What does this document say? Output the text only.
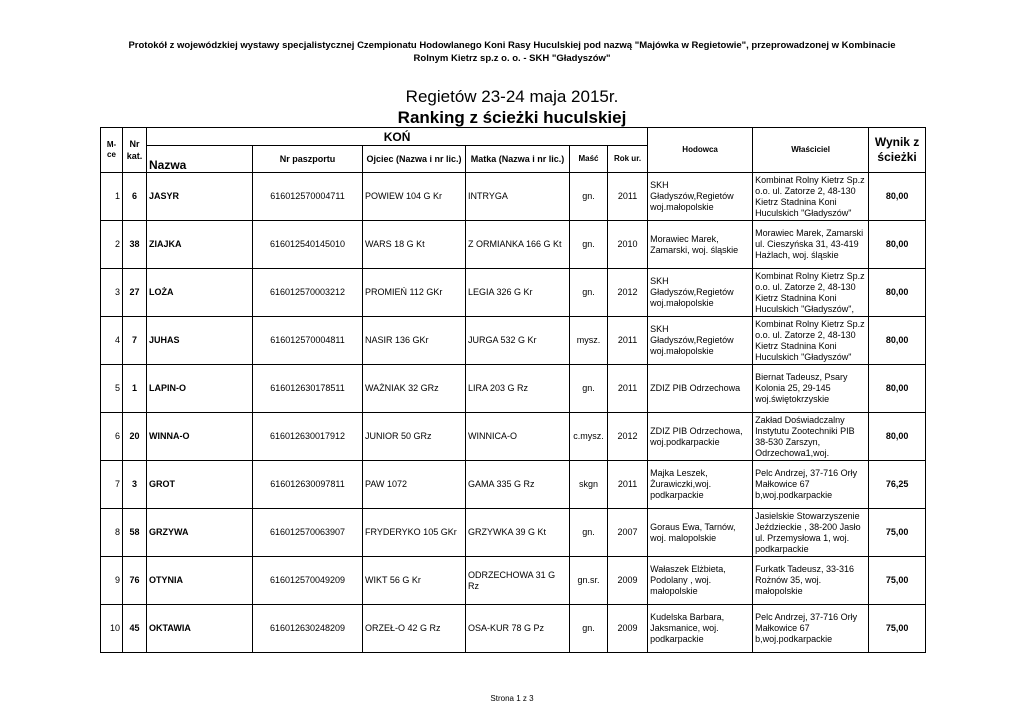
Protokół z wojewódzkiej wystawy specjalistycznej Czempionatu Hodowlanego Koni Rasy Huculskiej pod nazwą "Majówka w Regietowie", przeprowadzonej w Kombinacie
Rolnym Kietrz sp.z o. o. - SKH "Gładyszów"
Regietów 23-24 maja 2015r.
Ranking z ścieżki huculskiej
M-ce	Nr kat.	KOŃ						Hodowca	Właściciel	Wynik z ścieżki
		Nazwa	Nr paszportu	Ojciec (Nazwa i nr lic.)	Matka (Nazwa i nr lic.)	Maść	Rok ur.			
1	6	JASYR	616012570004711	POWIEW 104 G Kr	INTRYGA	gn.	2011	SKH Gładyszów,Regietów woj.małopolskie	Kombinat Rolny Kietrz Sp.z o.o. ul. Zatorze 2, 48-130 Kietrz Stadnina Koni Huculskich "Gładyszów"	80,00
2	38	ZIAJKA	616012540145010	WARS 18 G Kt	Z ORMIANKA 166 G Kt	gn.	2010	Morawiec Marek, Zamarski, woj. śląskie	Morawiec Marek, Zamarski ul. Cieszyńska 31, 43-419 Hażlach, woj. śląskie	80,00
3	27	LOŻA	616012570003212	PROMIEŃ 112 GKr	LEGIA 326 G Kr	gn.	2012	SKH Gładyszów,Regietów woj.małopolskie	Kombinat Rolny Kietrz Sp.z o.o. ul. Zatorze 2, 48-130 Kietrz Stadnina Koni Huculskich "Gładyszów",	80,00
4	7	JUHAS	616012570004811	NASIR 136 GKr	JURGA 532 G Kr	mysz.	2011	SKH Gładyszów,Regietów woj.małopolskie	Kombinat Rolny Kietrz Sp.z o.o. ul. Zatorze 2, 48-130 Kietrz Stadnina Koni Huculskich "Gładyszów"	80,00
5	1	LAPIN-O	616012630178511	WAŻNIAK 32 GRz	LIRA 203 G Rz	gn.	2011	ZDIZ PIB Odrzechowa	Biernat Tadeusz, Psary Kolonia 25, 29-145 woj.świętokrzyskie	80,00
6	20	WINNA-O	616012630017912	JUNIOR 50 GRz	WINNICA-O	c.mysz.	2012	ZDIZ PIB Odrzechowa, woj.podkarpackie	Zakład Doświadczalny Instytutu Zootechniki PIB 38-530 Zarszyn, Odrzechowa1,woj.	80,00
7	3	GROT	616012630097811	PAW 1072	GAMA 335 G Rz	skgn	2011	Majka Leszek, Żurawiczki,woj. podkarpackie	Pelc Andrzej, 37-716 Orły Małkowice 67 b,woj.podkarpackie	76,25
8	58	GRZYWA	616012570063907	FRYDERYKO 105 GKr	GRZYWKA 39 G Kt	gn.	2007	Goraus Ewa, Tarnów, woj. malopolskie	Jasielskie Stowarzyszenie Jeździeckie , 38-200 Jasło ul. Przemysłowa 1, woj. podkarpackie	75,00
9	76	OTYNIA	616012570049209	WIKT 56 G Kr	ODRZECHOWA 31 G Rz	gn.sr.	2009	Wałaszek Elżbieta, Podolany , woj. małopolskie	Furkatk Tadeusz, 33-316 Rożnów 35, woj. małopolskie	75,00
10	45	OKTAWIA	616012630248209	ORZEŁ-O 42 G Rz	OSA-KUR 78 G Pz	gn.	2009	Kudelska Barbara, Jaksmanice, woj. podkarpackie	Pelc Andrzej, 37-716 Orły Małkowice 67 b,woj.podkarpackie	75,00
Strona 1 z 3
